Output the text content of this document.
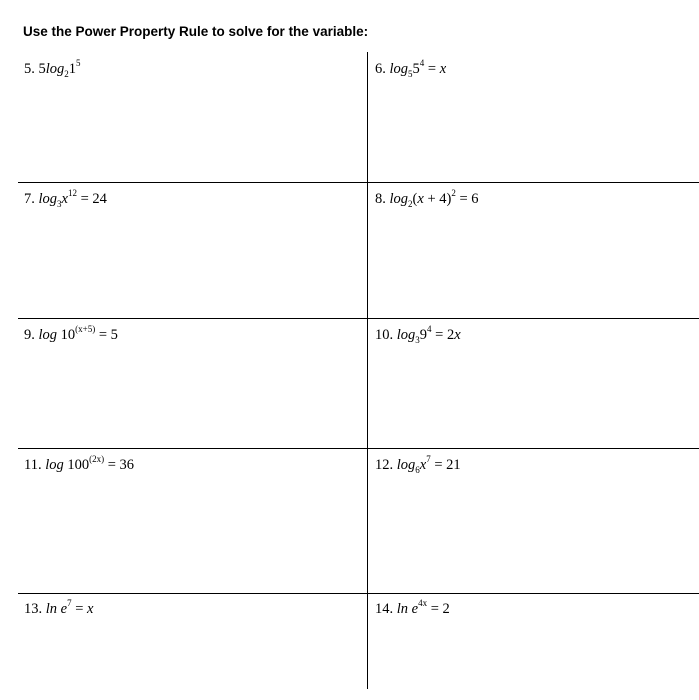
Use the Power Property Rule to solve for the variable:
5. $5\log_21^5$	6. $\log_55^4 = x$
7. $\log_3x^{12} = 24$	8. $\log_2(x + 4)^2 = 6$
9. $\log 10^{(x+5)} = 5$	10. $\log_39^4 = 2x$
11. $\log 100^{(2x)} = 36$	12. $\log_6x^7 = 21$
13. $\ln e^7 = x$	14. $\ln e^{4x} = 2$
